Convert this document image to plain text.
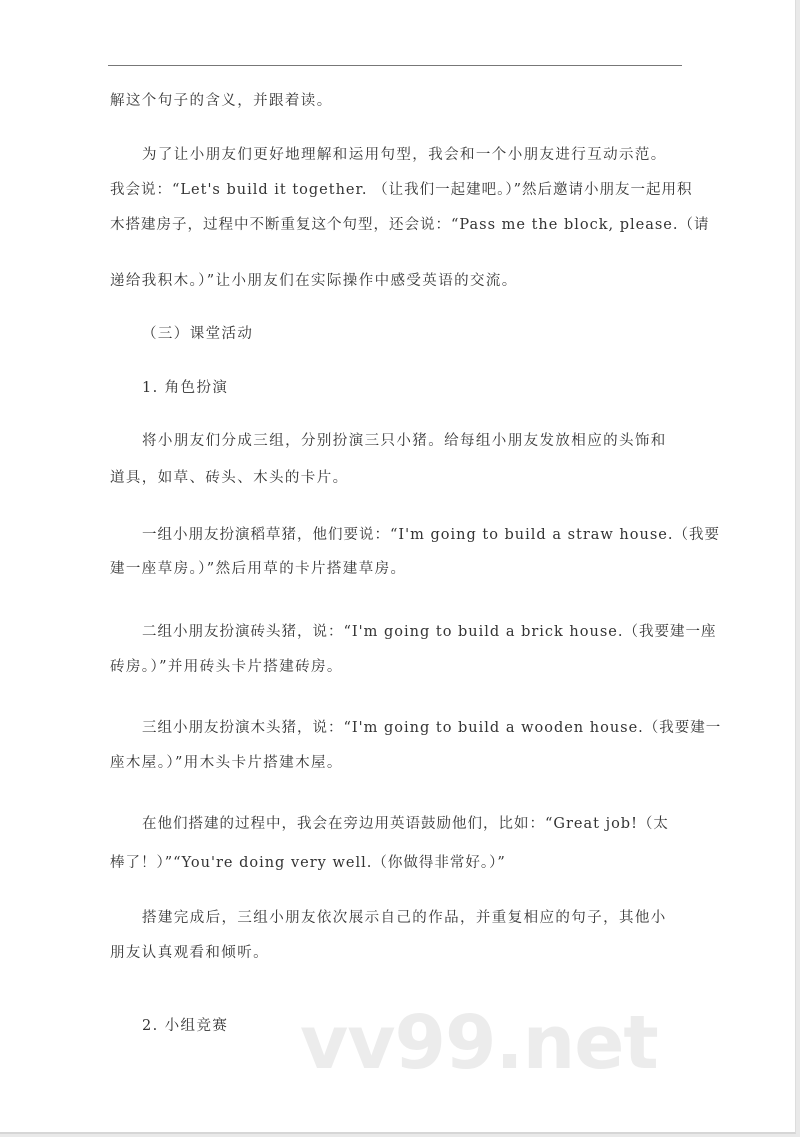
解这个句子的含义，并跟着读。
为了让小朋友们更好地理解和运用句型，我会和一个小朋友进行互动示范。
我会说：“Let's build it together. （让我们一起建吧。）”然后邀请小朋友一起用积
木搭建房子，过程中不断重复这个句型，还会说：“Pass me the block, please.（请
递给我积木。）”让小朋友们在实际操作中感受英语的交流。
（三）课堂活动
1. 角色扮演
将小朋友们分成三组，分别扮演三只小猪。给每组小朋友发放相应的头饰和
道具，如草、砖头、木头的卡片。
一组小朋友扮演稻草猪，他们要说：“I'm going to build a straw house.（我要
建一座草房。）”然后用草的卡片搭建草房。
二组小朋友扮演砖头猪，说：“I'm going to build a brick house.（我要建一座
砖房。）”并用砖头卡片搭建砖房。
三组小朋友扮演木头猪，说：“I'm going to build a wooden house.（我要建一
座木屋。）”用木头卡片搭建木屋。
在他们搭建的过程中，我会在旁边用英语鼓励他们，比如：“Great job!（太
棒了！）”“You're doing very well.（你做得非常好。）”
搭建完成后，三组小朋友依次展示自己的作品，并重复相应的句子，其他小
朋友认真观看和倾听。
2. 小组竞赛 vv99.net
